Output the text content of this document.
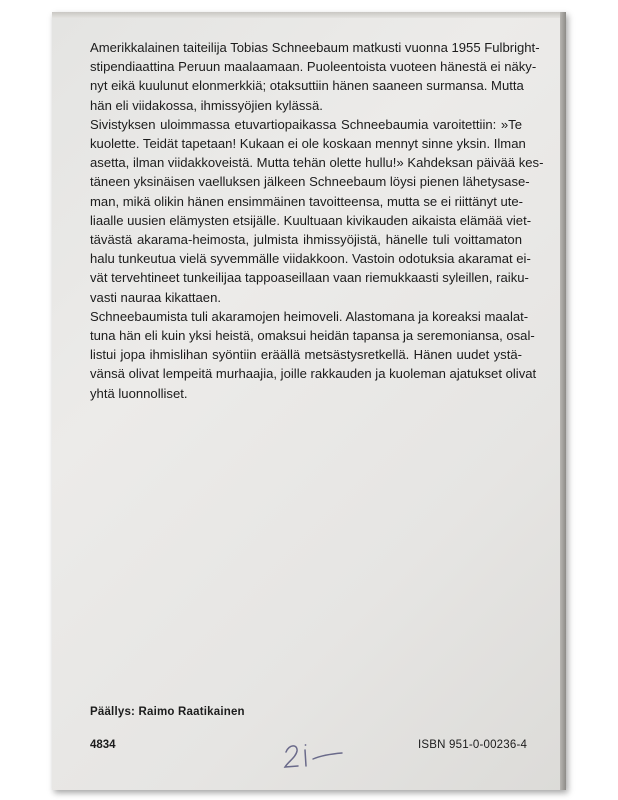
Amerikkalainen taiteilija Tobias Schneebaum matkusti vuonna 1955 Fulbright-
stipendiaattina Peruun maalaamaan. Puoleentoista vuoteen hänestä ei näky-
nyt eikä kuulunut elonmerkkiä; otaksuttiin hänen saaneen surmansa. Mutta
hän eli viidakossa, ihmissyöjien kylässä.

Sivistyksen uloimmassa etuvartiopaikassa Schneebaumia varoitettiin: »Te
kuolette. Teidät tapetaan! Kukaan ei ole koskaan mennyt sinne yksin. Ilman
asetta, ilman viidakkoveistä. Mutta tehän olette hullu!» Kahdeksan päivää kes-
täneen yksinäisen vaelluksen jälkeen Schneebaum löysi pienen lähetysase-
man, mikä olikin hänen ensimmäinen tavoitteensa, mutta se ei riittänyt ute-
liaalle uusien elämysten etsijälle. Kuultuaan kivikauden aikaista elämää viet-
tävästä akarama-heimosta, julmista ihmissyöjistä, hänelle tuli voittamaton
halu tunkeutua vielä syvemmälle viidakkoon. Vastoin odotuksia akaramat ei-
vät tervehtineet tunkeilijaa tappoaseillaan vaan riemukkaasti syleillen, raiku-
vasti nauraa kikattaen.

Schneebaumista tuli akaramojen heimoveli. Alastomana ja koreaksi maalat-
tuna hän eli kuin yksi heistä, omaksui heidän tapansa ja seremoniansa, osal-
listui jopa ihmislihan syöntiin eräällä metsästysretkellä. Hänen uudet ystä-
vänsä olivat lempeitä murhaajia, joille rakkauden ja kuoleman ajatukset olivat
yhtä luonnolliset.

Päällys: Raimo Raatikainen
4834	ISBN 951-0-00236-4
